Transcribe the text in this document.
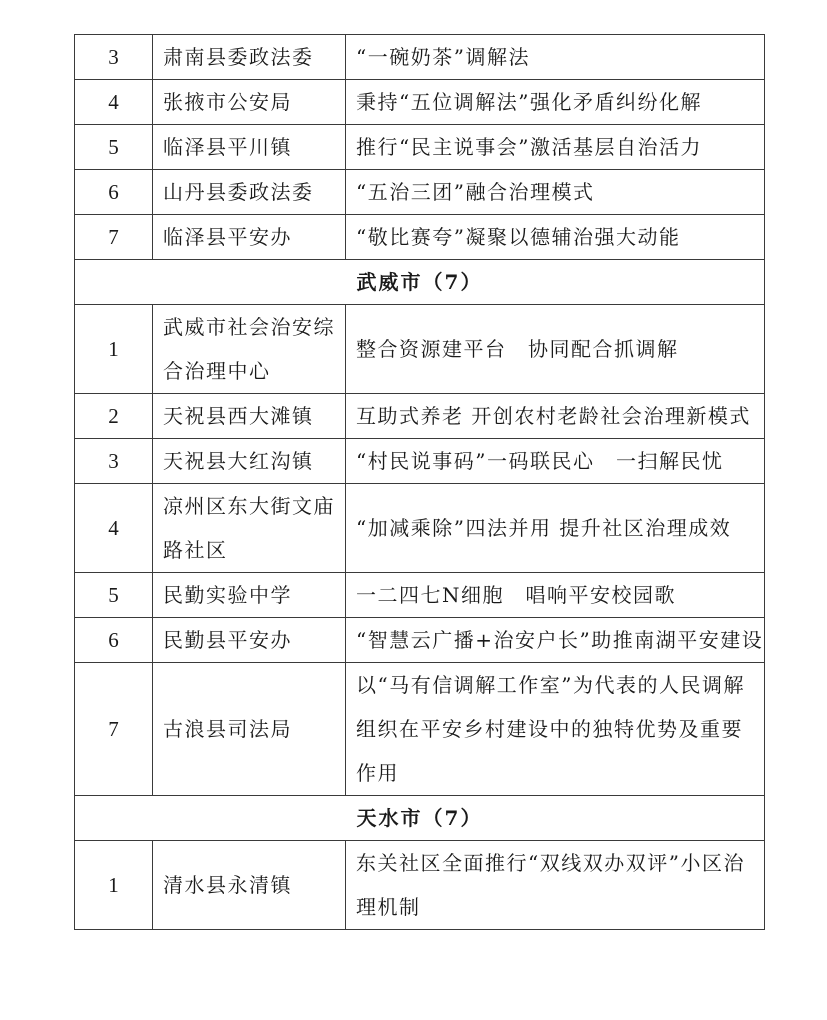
3	肃南县委政法委	“一碗奶茶”调解法
4	张掖市公安局	秉持“五位调解法”强化矛盾纠纷化解
5	临泽县平川镇	推行“民主说事会”激活基层自治活力
6	山丹县委政法委	“五治三团”融合治理模式
7	临泽县平安办	“敬比赛夸”凝聚以德辅治强大动能
武威市（7）		
1	武威市社会治安综合治理中心	整合资源建平台　协同配合抓调解
2	天祝县西大滩镇	互助式养老 开创农村老龄社会治理新模式
3	天祝县大红沟镇	“村民说事码”一码联民心　一扫解民忧
4	凉州区东大街文庙路社区	“加减乘除”四法并用 提升社区治理成效
5	民勤实验中学	一二四七N细胞　唱响平安校园歌
6	民勤县平安办	“智慧云广播+治安户长”助推南湖平安建设
7	古浪县司法局	以“马有信调解工作室”为代表的人民调解组织在平安乡村建设中的独特优势及重要作用
天水市（7）		
1	清水县永清镇	东关社区全面推行“双线双办双评”小区治理机制
